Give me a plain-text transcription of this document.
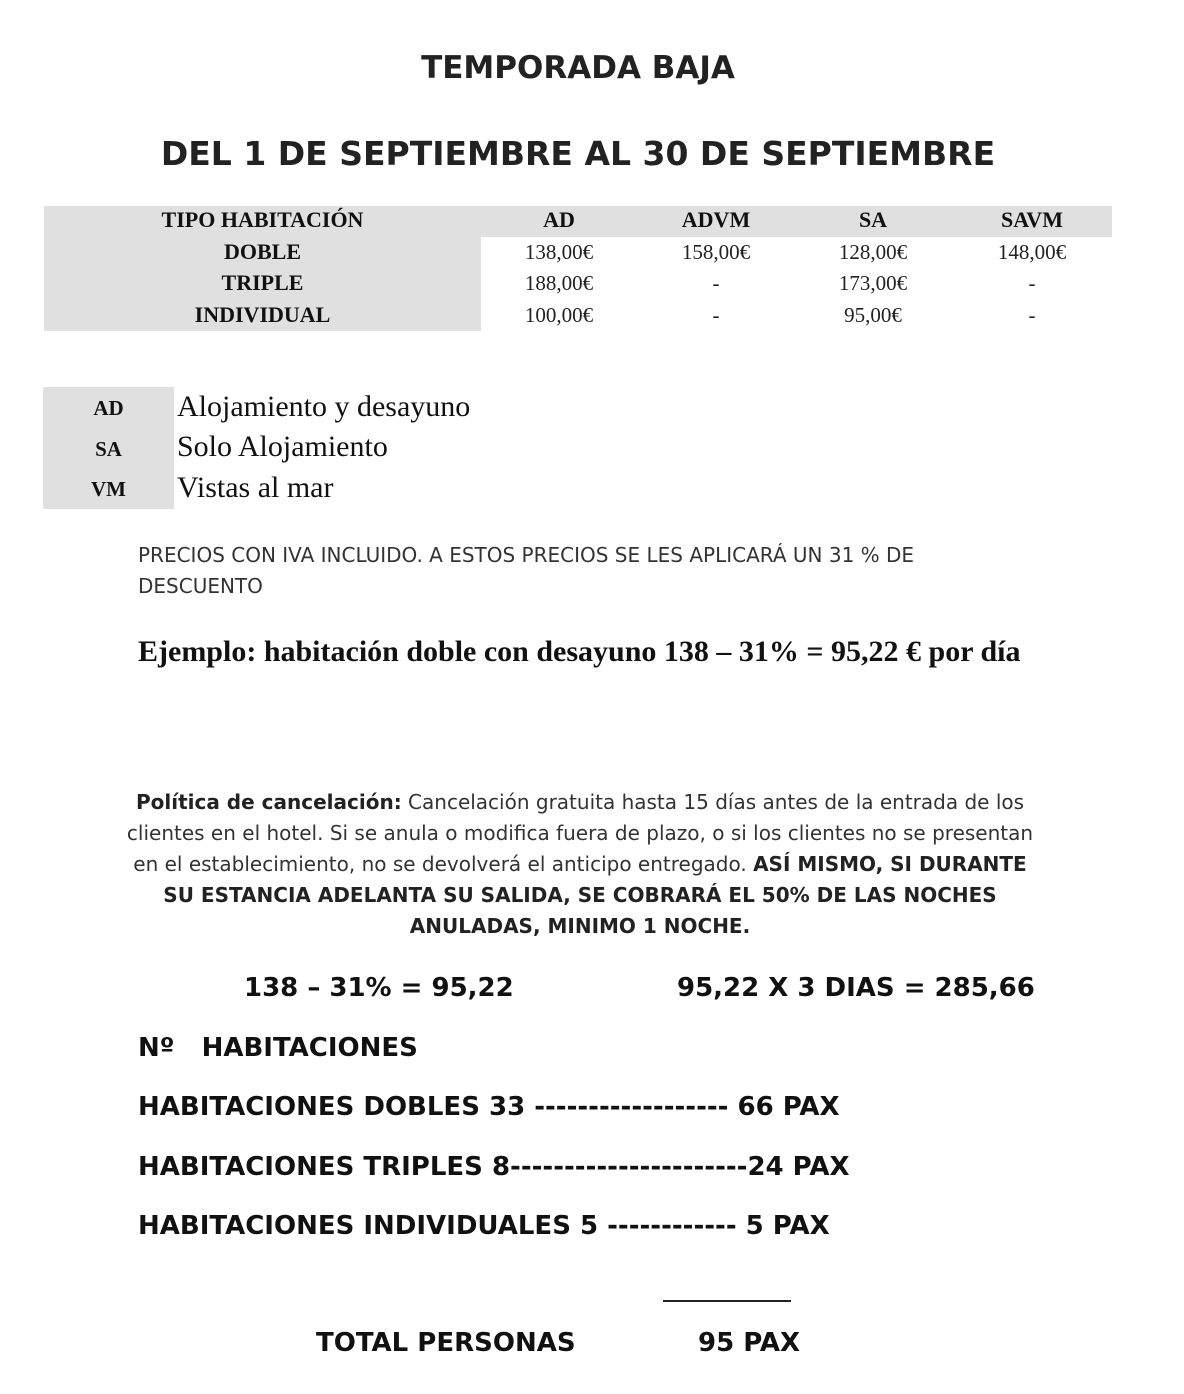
TEMPORADA BAJA
DEL 1 DE SEPTIEMBRE AL 30 DE SEPTIEMBRE
TIPO HABITACIÓN	AD	ADVM	SA	SAVM
DOBLE	138,00€	158,00€	128,00€	148,00€
TRIPLE	188,00€	-	173,00€	-
INDIVIDUAL	100,00€	-	95,00€	-
AD	Alojamiento y desayuno
SA	Solo Alojamiento
VM	Vistas al mar
PRECIOS CON IVA INCLUIDO. A ESTOS PRECIOS SE LES APLICARÁ UN 31 % DE DESCUENTO
Ejemplo: habitación doble con desayuno 138 – 31% = 95,22 € por día
Política de cancelación: Cancelación gratuita hasta 15 días antes de la entrada de los clientes en el hotel. Si se anula o modifica fuera de plazo, o si los clientes no se presentan en el establecimiento, no se devolverá el anticipo entregado. ASÍ MISMO, SI DURANTE SU ESTANCIA ADELANTA SU SALIDA, SE COBRARÁ EL 50% DE LAS NOCHES ANULADAS, MINIMO 1 NOCHE.
138 – 31% = 95,22	95,22 X 3 DIAS = 285,66
Nº   HABITACIONES
HABITACIONES DOBLES 33 ------------------ 66 PAX
HABITACIONES TRIPLES 8----------------------24 PAX
HABITACIONES INDIVIDUALES 5 ------------ 5 PAX
TOTAL PERSONAS	95 PAX
